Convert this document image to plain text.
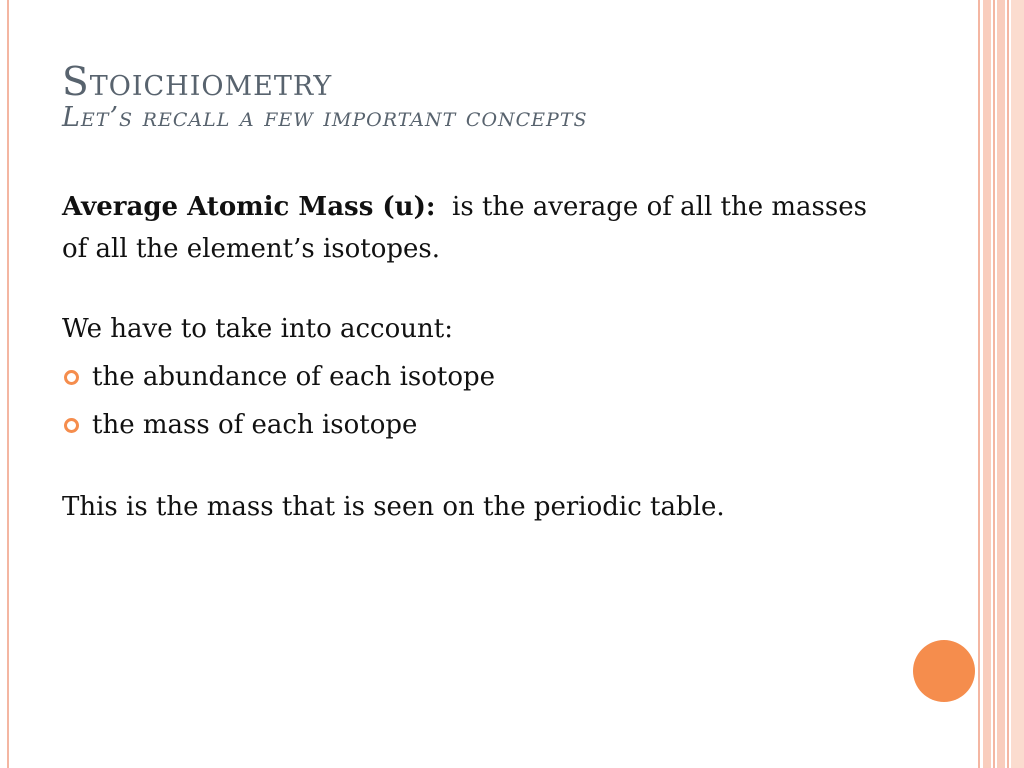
Stoichiometry
Let’s recall a few important concepts

Average Atomic Mass (u): is the average of all the masses of all the element’s isotopes.

We have to take into account:

the abundance of each isotope
the mass of each isotope

This is the mass that is seen on the periodic table.
